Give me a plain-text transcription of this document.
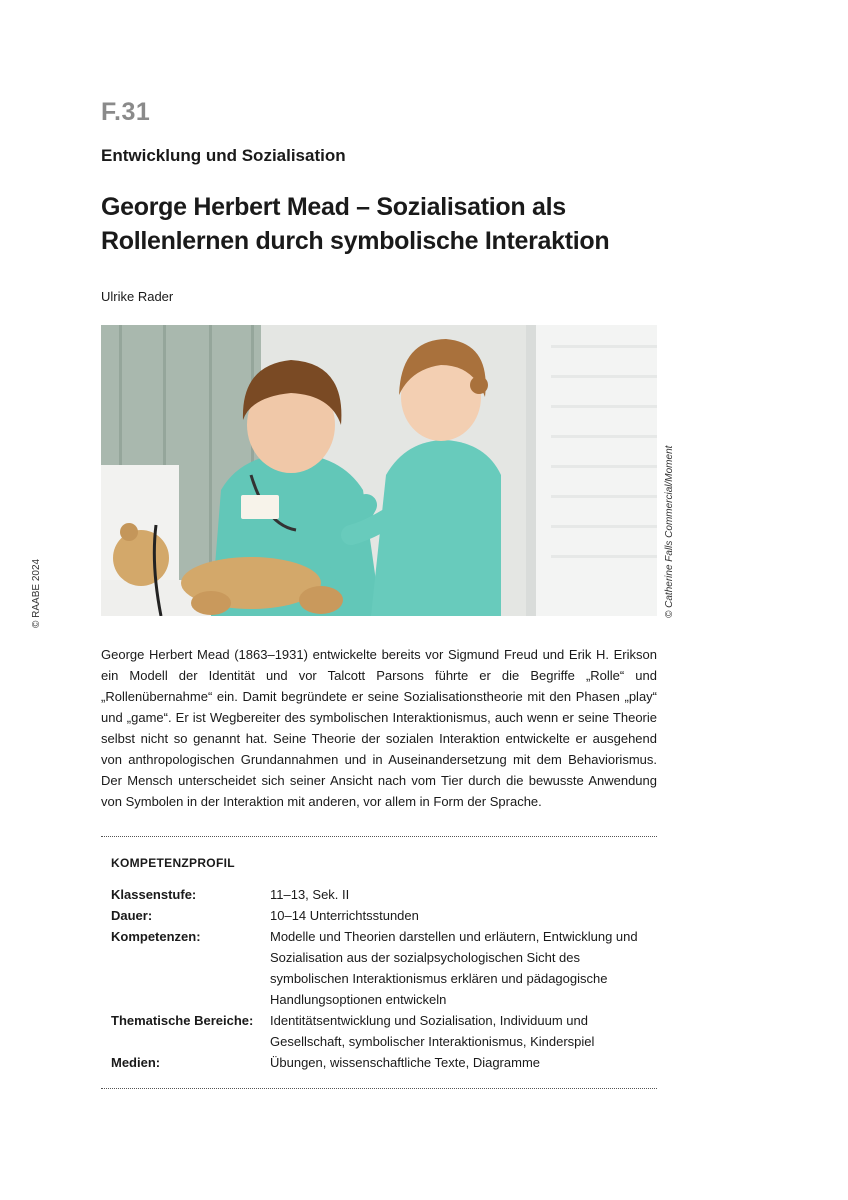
F.31
Entwicklung und Sozialisation
George Herbert Mead – Sozialisation als
Rollenlernen durch symbolische Interaktion
Ulrike Rader
© RAABE 2024	© Catherine Falls Commercial/Moment

George Herbert Mead (1863–1931) entwickelte bereits vor Sigmund Freud und Erik H. Erikson ein Modell der Identität und vor Talcott Parsons führte er die Begriffe „Rolle“ und „Rollenübernahme“ ein. Damit begründete er seine Sozialisationstheorie mit den Phasen „play“ und „game“. Er ist Wegbereiter des symbolischen Interaktionismus, auch wenn er seine Theorie selbst nicht so genannt hat. Seine Theorie der sozialen Interaktion entwickelte er ausgehend von anthropologischen Grundannahmen und in Auseinandersetzung mit dem Behaviorismus. Der Mensch unterscheidet sich seiner Ansicht nach vom Tier durch die bewusste Anwendung von Symbolen in der Interaktion mit anderen, vor allem in Form der Sprache.

KOMPETENZPROFIL
Klassenstufe:	11–13, Sek. II
Dauer:	10–14 Unterrichtsstunden
Kompetenzen:	Modelle und Theorien darstellen und erläutern, Entwicklung und Sozialisation aus der sozialpsychologischen Sicht des symbolischen Interaktionismus erklären und pädagogische Handlungsoptionen entwickeln
Thematische Bereiche:	Identitätsentwicklung und Sozialisation, Individuum und Gesellschaft, symbolischer Interaktionismus, Kinderspiel
Medien:	Übungen, wissenschaftliche Texte, Diagramme
